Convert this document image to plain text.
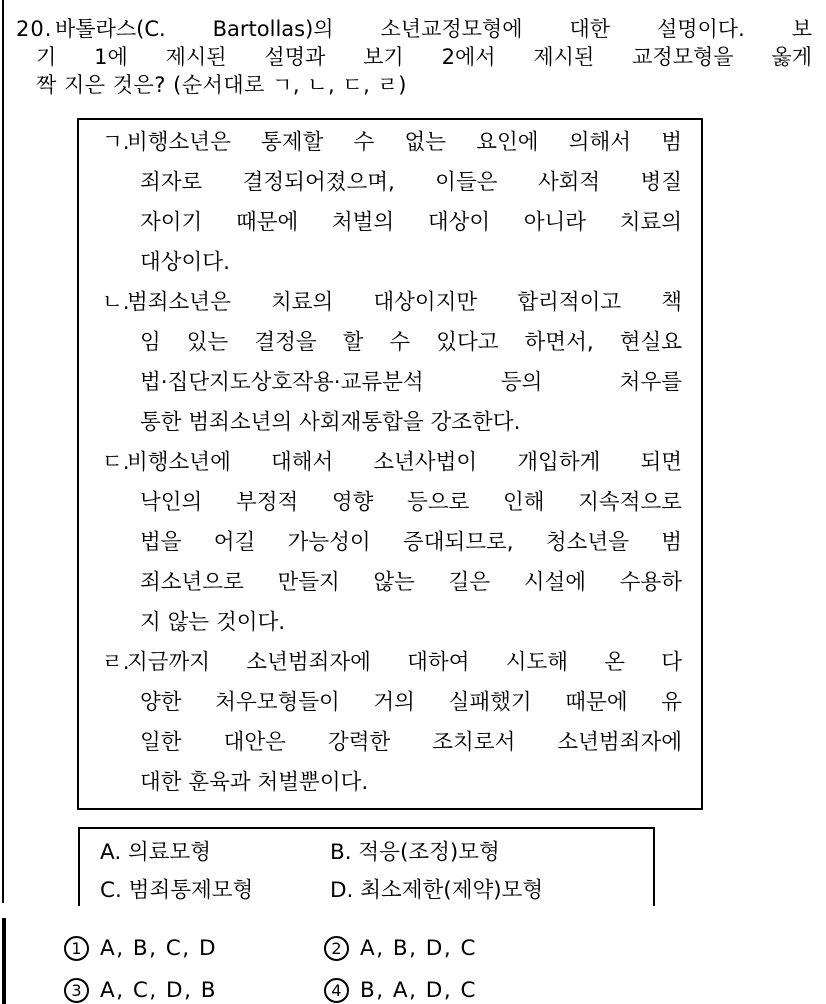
20. 바톨라스(C. Bartollas)의 소년교정모형에 대한 설명이다. 보
기 1에 제시된 설명과 보기 2에서 제시된 교정모형을 옳게
짝 지은 것은? (순서대로 ㄱ, ㄴ, ㄷ, ㄹ)
ㄱ.
비행소년은 통제할 수 없는 요인에 의해서 범
죄자로 결정되어졌으며, 이들은 사회적 병질
자이기 때문에 처벌의 대상이 아니라 치료의
대상이다.
ㄴ.
범죄소년은 치료의 대상이지만 합리적이고 책
임 있는 결정을 할 수 있다고 하면서, 현실요
법·집단지도상호작용·교류분석 등의 처우를
통한 범죄소년의 사회재통합을 강조한다.
ㄷ.
비행소년에 대해서 소년사법이 개입하게 되면
낙인의 부정적 영향 등으로 인해 지속적으로
법을 어길 가능성이 증대되므로, 청소년을 범
죄소년으로 만들지 않는 길은 시설에 수용하
지 않는 것이다.
ㄹ.
지금까지 소년범죄자에 대하여 시도해 온 다
양한 처우모형들이 거의 실패했기 때문에 유
일한 대안은 강력한 조치로서 소년범죄자에
대한 훈육과 처벌뿐이다.
A. 의료모형	B. 적응(조정)모형
C. 범죄통제모형	D. 최소제한(제약)모형
1 A, B, C, D	2 A, B, D, C
3 A, C, D, B	4 B, A, D, C
